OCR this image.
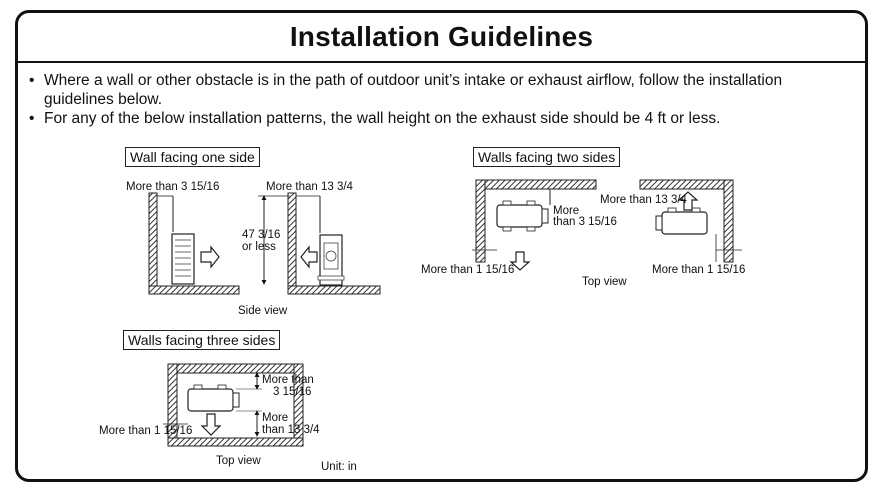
Installation Guidelines
• Where a wall or other obstacle is in the path of outdoor unit’s intake or exhaust airflow, follow the installation guidelines below.
• For any of the below installation patterns, the wall height on the exhaust side should be 4 ft or less.
Wall facing one side	Walls facing two sides
Walls facing three sides
More than 3 15/16	More than 13 3/4
47 3/16
or less
Side view
More
than 3 15/16
More than 1 15/16
More than 13 3/4
More than 1 15/16
Top view
More than
3 15/16
More than 1 15/16
More
than 13 3/4
Top view	Unit: in
